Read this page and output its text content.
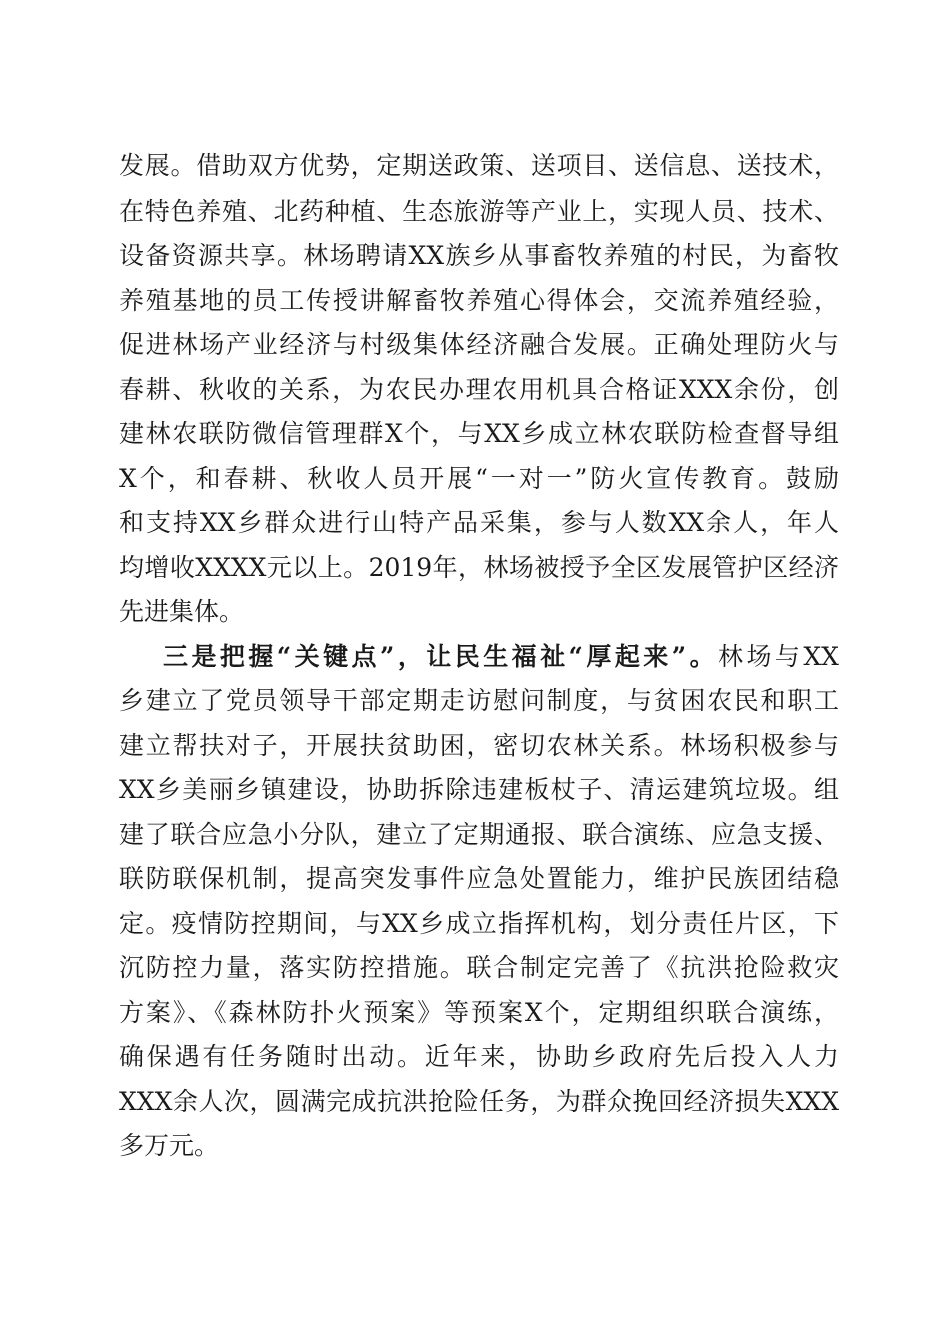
发展。借助双方优势，定期送政策、送项目、送信息、送技术，
在特色养殖、北药种植、生态旅游等产业上，实现人员、技术、
设备资源共享。林场聘请XX族乡从事畜牧养殖的村民，为畜牧
养殖基地的员工传授讲解畜牧养殖心得体会，交流养殖经验，
促进林场产业经济与村级集体经济融合发展。正确处理防火与
春耕、秋收的关系，为农民办理农用机具合格证XXX余份，创
建林农联防微信管理群X个，与XX乡成立林农联防检查督导组
X个，和春耕、秋收人员开展“一对一”防火宣传教育。鼓励
和支持XX乡群众进行山特产品采集，参与人数XX余人，年人
均增收XXXX元以上。2019年，林场被授予全区发展管护区经济
先进集体。
三是把握“关键点”，让民生福祉“厚起来”。林场与XX
乡建立了党员领导干部定期走访慰问制度，与贫困农民和职工
建立帮扶对子，开展扶贫助困，密切农林关系。林场积极参与
XX乡美丽乡镇建设，协助拆除违建板杖子、清运建筑垃圾。组
建了联合应急小分队，建立了定期通报、联合演练、应急支援、
联防联保机制，提高突发事件应急处置能力，维护民族团结稳
定。疫情防控期间，与XX乡成立指挥机构，划分责任片区，下
沉防控力量，落实防控措施。联合制定完善了《抗洪抢险救灾
方案》、《森林防扑火预案》等预案X个，定期组织联合演练，
确保遇有任务随时出动。近年来，协助乡政府先后投入人力
XXX余人次，圆满完成抗洪抢险任务，为群众挽回经济损失XXX
多万元。
